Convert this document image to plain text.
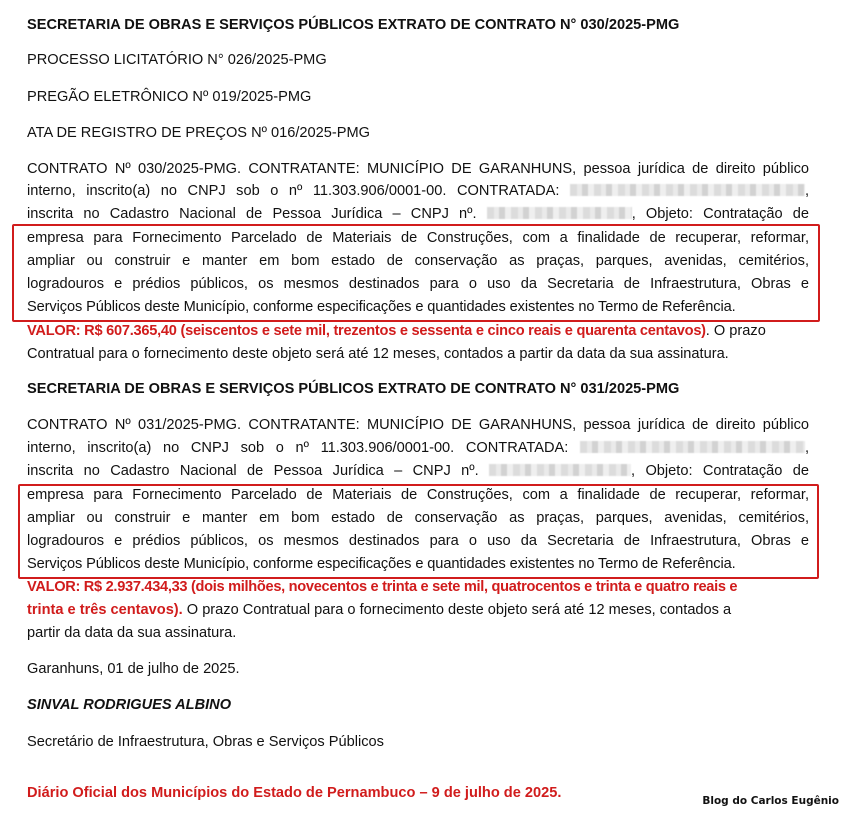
SECRETARIA DE OBRAS E SERVIÇOS PÚBLICOS EXTRATO DE CONTRATO N° 030/2025-PMG
PROCESSO LICITATÓRIO N° 026/2025-PMG
PREGÃO ELETRÔNICO Nº 019/2025-PMG
ATA DE REGISTRO DE PREÇOS Nº 016/2025-PMG
CONTRATO Nº 030/2025-PMG. CONTRATANTE: MUNICÍPIO DE GARANHUNS, pessoa jurídica de direito público
interno, inscrito(a) no CNPJ sob o nº 11.303.906/0001-00. CONTRATADA:	,
inscrita no Cadastro Nacional de Pessoa Jurídica – CNPJ nº.	, Objeto: Contratação de
empresa para Fornecimento Parcelado de Materiais de Construções, com a finalidade de recuperar, reformar,
ampliar ou construir e manter em bom estado de conservação as praças, parques, avenidas, cemitérios,
logradouros e prédios públicos, os mesmos destinados para o uso da Secretaria de Infraestrutura, Obras e
Serviços Públicos deste Município, conforme especificações e quantidades existentes no Termo de Referência.
VALOR: R$ 607.365,40 (seiscentos e sete mil, trezentos e sessenta e cinco reais e quarenta centavos). O prazo
Contratual para o fornecimento deste objeto será até 12 meses, contados a partir da data da sua assinatura.
SECRETARIA DE OBRAS E SERVIÇOS PÚBLICOS EXTRATO DE CONTRATO N° 031/2025-PMG
CONTRATO Nº 031/2025-PMG. CONTRATANTE: MUNICÍPIO DE GARANHUNS, pessoa jurídica de direito público
interno, inscrito(a) no CNPJ sob o nº 11.303.906/0001-00. CONTRATADA:	,
inscrita no Cadastro Nacional de Pessoa Jurídica – CNPJ nº.	, Objeto: Contratação de
empresa para Fornecimento Parcelado de Materiais de Construções, com a finalidade de recuperar, reformar,
ampliar ou construir e manter em bom estado de conservação as praças, parques, avenidas, cemitérios,
logradouros e prédios públicos, os mesmos destinados para o uso da Secretaria de Infraestrutura, Obras e
Serviços Públicos deste Município, conforme especificações e quantidades existentes no Termo de Referência.
VALOR: R$ 2.937.434,33 (dois milhões, novecentos e trinta e sete mil, quatrocentos e trinta e quatro reais e
trinta e três centavos). O prazo Contratual para o fornecimento deste objeto será até 12 meses, contados a
partir da data da sua assinatura.
Garanhuns, 01 de julho de 2025.
SINVAL RODRIGUES ALBINO
Secretário de Infraestrutura, Obras e Serviços Públicos
Diário Oficial dos Municípios do Estado de Pernambuco – 9 de julho de 2025.	Blog do Carlos Eugênio
